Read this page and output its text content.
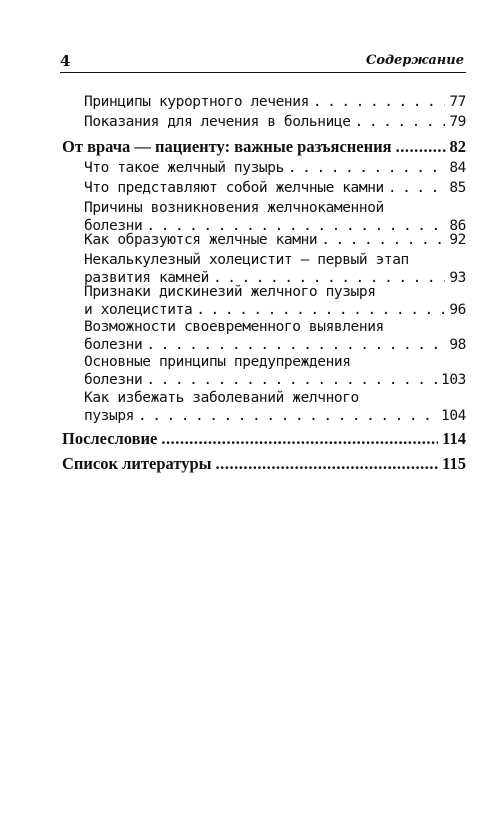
4	Содержание
Принципы курортного лечения . . .	77
Показания для лечения в больнице . . .	79
От врача — пациенту: важные разъяснения . . .	82
Что такое желчный пузырь . . .	84
Что представляют собой желчные камни . . .	85
Причины возникновения желчнокаменной
болезни . . .	86
Как образуются желчные камни . . .	92
Некалькулезный холецистит — первый этап
развития камней . . .	93
Признаки дискинезий желчного пузыря
и холецистита . . .	96
Возможности своевременного выявления
болезни . . .	98
Основные принципы предупреждения
болезни . . .	103
Как избежать заболеваний желчного
пузыря . . .	104
Послесловие . . .	114
Список литературы . . .	115
